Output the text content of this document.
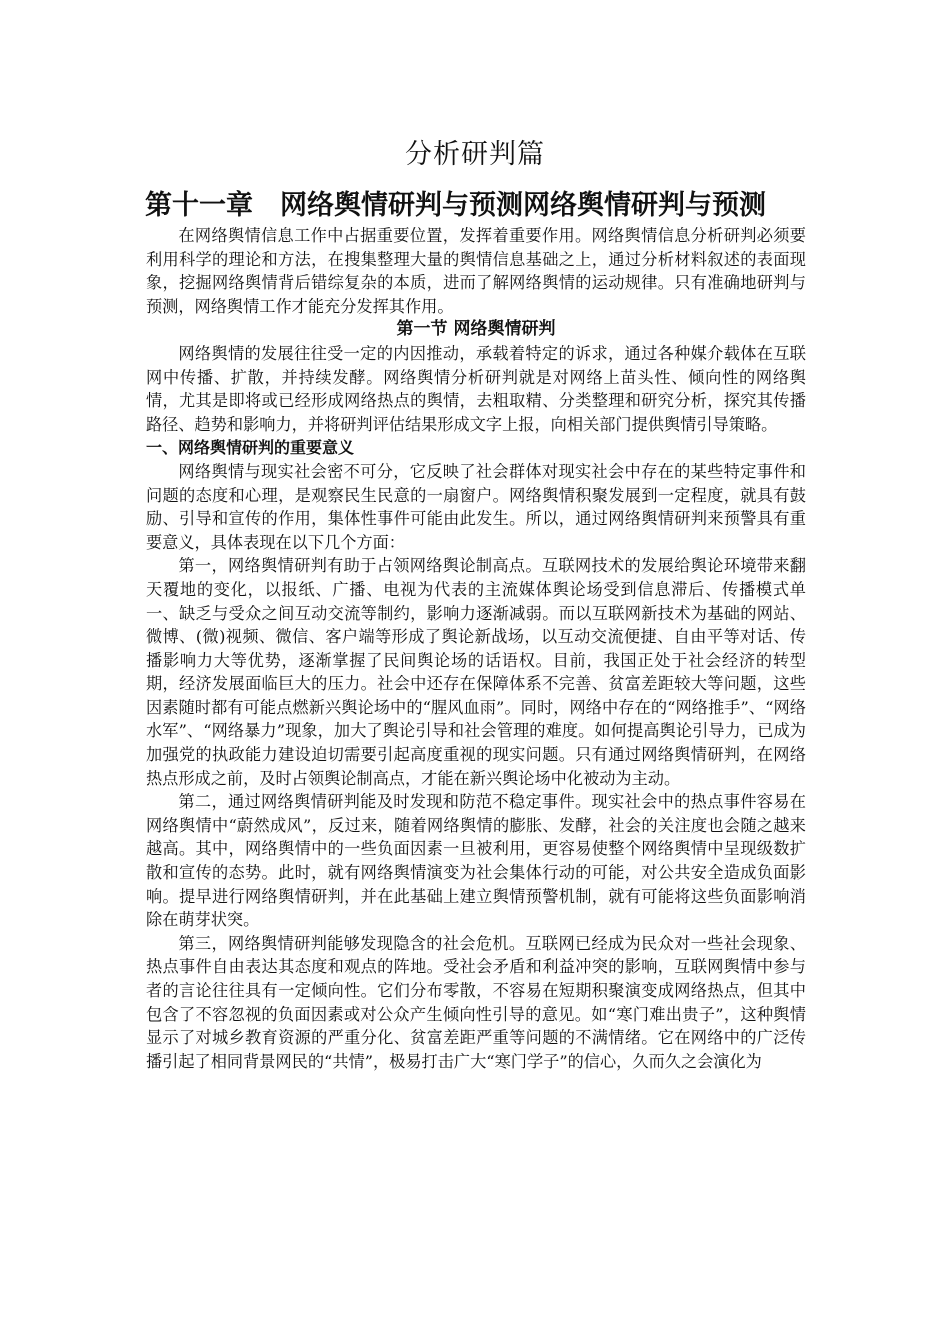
分析研判篇
第十一章　网络舆情研判与预测网络舆情研判与预测

在网络舆情信息工作中占据重要位置，发挥着重要作用。网络舆情信息分析研判必须要利用科学的理论和方法，在搜集整理大量的舆情信息基础之上，通过分析材料叙述的表面现象，挖掘网络舆情背后错综复杂的本质，进而了解网络舆情的运动规律。只有准确地研判与预测，网络舆情工作才能充分发挥其作用。

第一节 网络舆情研判

网络舆情的发展往往受一定的内因推动，承载着特定的诉求，通过各种媒介载体在互联网中传播、扩散，并持续发酵。网络舆情分析研判就是对网络上苗头性、倾向性的网络舆情，尤其是即将或已经形成网络热点的舆情，去粗取精、分类整理和研究分析，探究其传播路径、趋势和影响力，并将研判评估结果形成文字上报，向相关部门提供舆情引导策略。

一、网络舆情研判的重要意义

网络舆情与现实社会密不可分，它反映了社会群体对现实社会中存在的某些特定事件和问题的态度和心理，是观察民生民意的一扇窗户。网络舆情积聚发展到一定程度，就具有鼓励、引导和宣传的作用，集体性事件可能由此发生。所以，通过网络舆情研判来预警具有重要意义，具体表现在以下几个方面：

第一，网络舆情研判有助于占领网络舆论制高点。互联网技术的发展给舆论环境带来翻天覆地的变化，以报纸、广播、电视为代表的主流媒体舆论场受到信息滞后、传播模式单一、缺乏与受众之间互动交流等制约，影响力逐渐减弱。而以互联网新技术为基础的网站、微博、(微)视频、微信、客户端等形成了舆论新战场，以互动交流便捷、自由平等对话、传播影响力大等优势，逐渐掌握了民间舆论场的话语权。目前，我国正处于社会经济的转型期，经济发展面临巨大的压力。社会中还存在保障体系不完善、贫富差距较大等问题，这些因素随时都有可能点燃新兴舆论场中的“腥风血雨”。同时，网络中存在的“网络推手”、“网络水军”、“网络暴力”现象，加大了舆论引导和社会管理的难度。如何提高舆论引导力，已成为加强党的执政能力建设迫切需要引起高度重视的现实问题。只有通过网络舆情研判，在网络热点形成之前，及时占领舆论制高点，才能在新兴舆论场中化被动为主动。

第二，通过网络舆情研判能及时发现和防范不稳定事件。现实社会中的热点事件容易在网络舆情中“蔚然成风”，反过来，随着网络舆情的膨胀、发酵，社会的关注度也会随之越来越高。其中，网络舆情中的一些负面因素一旦被利用，更容易使整个网络舆情中呈现级数扩散和宣传的态势。此时，就有网络舆情演变为社会集体行动的可能，对公共安全造成负面影响。提早进行网络舆情研判，并在此基础上建立舆情预警机制，就有可能将这些负面影响消除在萌芽状突。

第三，网络舆情研判能够发现隐含的社会危机。互联网已经成为民众对一些社会现象、热点事件自由表达其态度和观点的阵地。受社会矛盾和利益冲突的影响，互联网舆情中参与者的言论往往具有一定倾向性。它们分布零散，不容易在短期积聚演变成网络热点，但其中包含了不容忽视的负面因素或对公众产生倾向性引导的意见。如“寒门难出贵子”，这种舆情显示了对城乡教育资源的严重分化、贫富差距严重等问题的不满情绪。它在网络中的广泛传播引起了相同背景网民的“共情”，极易打击广大“寒门学子”的信心，久而久之会演化为
